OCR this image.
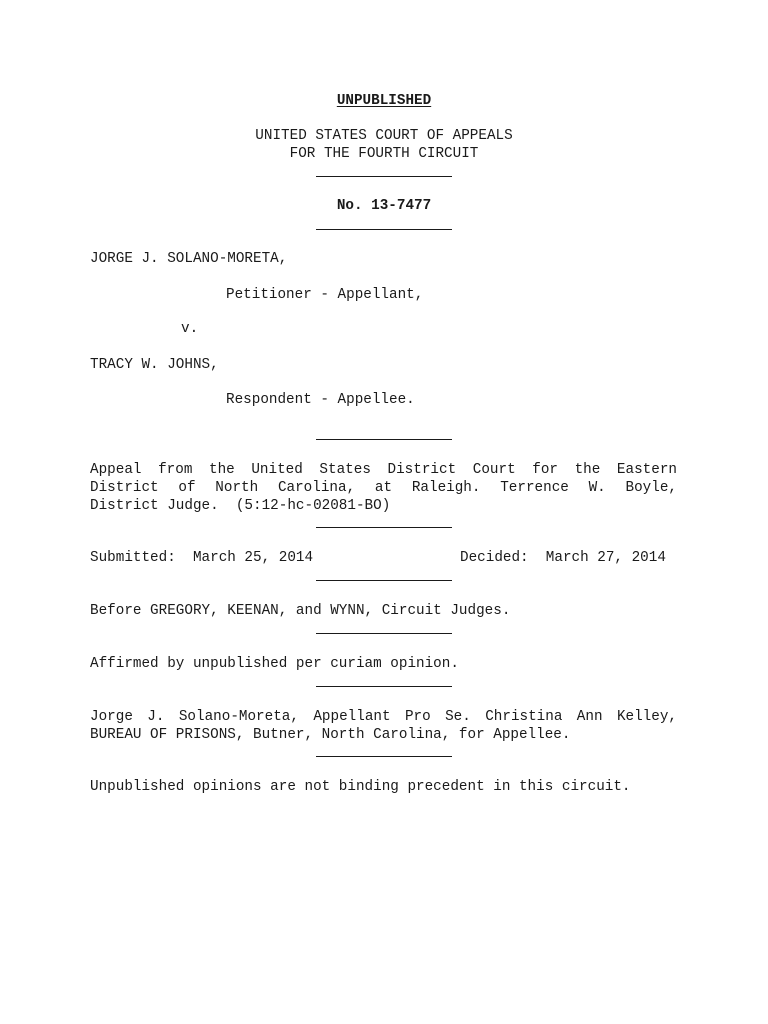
UNPUBLISHED
UNITED STATES COURT OF APPEALS
FOR THE FOURTH CIRCUIT
No. 13-7477
JORGE J. SOLANO-MORETA,
Petitioner - Appellant,
v.
TRACY W. JOHNS,
Respondent - Appellee.
Appeal from the United States District Court for the Eastern
District of North Carolina, at Raleigh. Terrence W. Boyle,
District Judge.  (5:12-hc-02081-BO)
Submitted:  March 25, 2014	Decided:  March 27, 2014
Before GREGORY, KEENAN, and WYNN, Circuit Judges.
Affirmed by unpublished per curiam opinion.
Jorge J. Solano-Moreta, Appellant Pro Se. Christina Ann Kelley,
BUREAU OF PRISONS, Butner, North Carolina, for Appellee.
Unpublished opinions are not binding precedent in this circuit.
